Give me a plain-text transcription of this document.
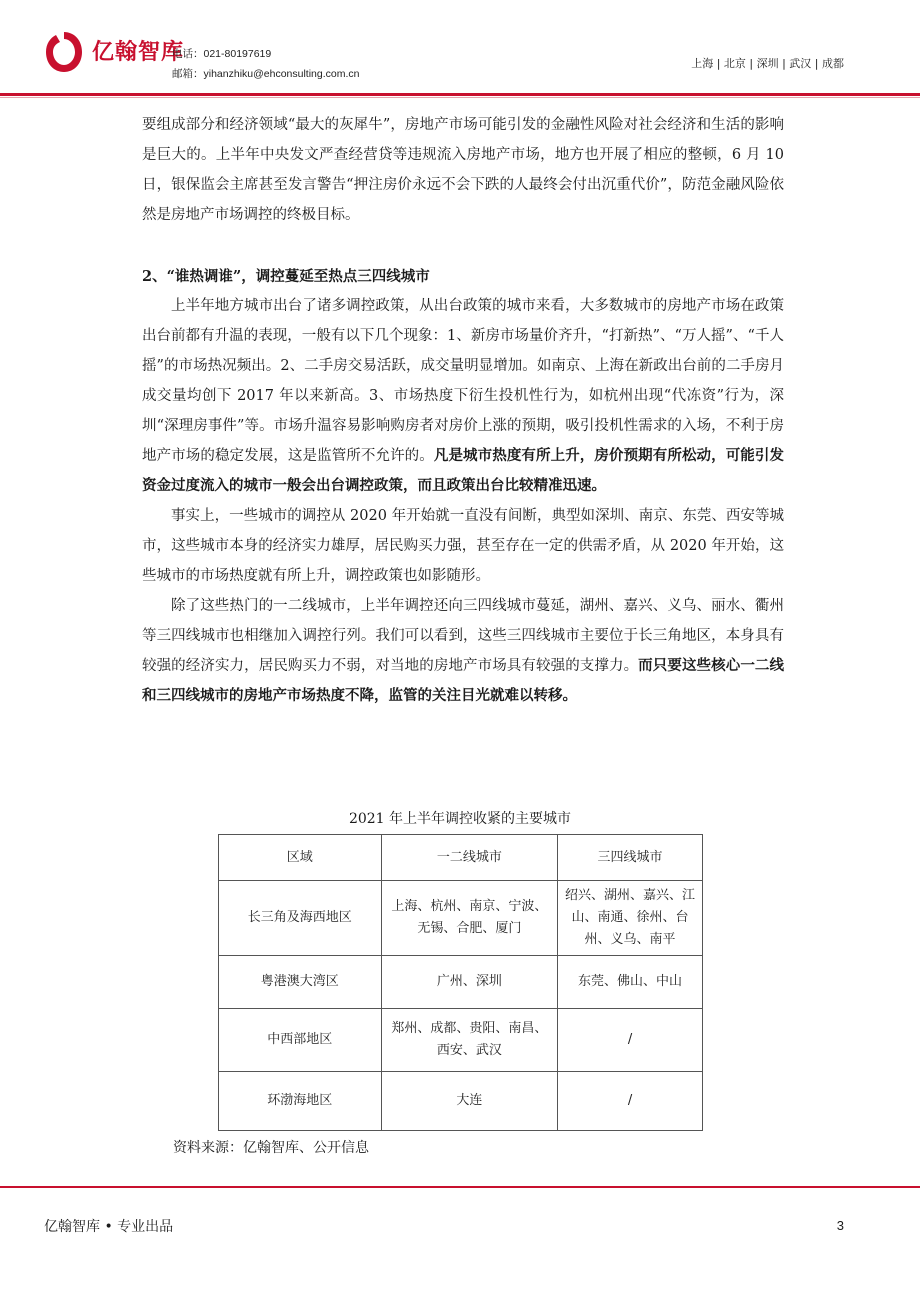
亿翰智库
电话：021-80197619
邮箱：yihanzhiku@ehconsulting.com.cn
上海 | 北京 | 深圳 | 武汉 | 成都

要组成部分和经济领域“最大的灰犀牛”，房地产市场可能引发的金融性风险对社会经济和生活的影响是巨大的。上半年中央发文严查经营贷等违规流入房地产市场，地方也开展了相应的整顿，6 月 10 日，银保监会主席甚至发言警告“押注房价永远不会下跌的人最终会付出沉重代价”，防范金融风险依然是房地产市场调控的终极目标。

2、“谁热调谁”，调控蔓延至热点三四线城市

上半年地方城市出台了诸多调控政策，从出台政策的城市来看，大多数城市的房地产市场在政策出台前都有升温的表现，一般有以下几个现象：1、新房市场量价齐升，“打新热”、“万人摇”、“千人摇”的市场热况频出。2、二手房交易活跃，成交量明显增加。如南京、上海在新政出台前的二手房月成交量均创下 2017 年以来新高。3、市场热度下衍生投机性行为，如杭州出现“代冻资”行为，深圳“深理房事件”等。市场升温容易影响购房者对房价上涨的预期，吸引投机性需求的入场，不利于房地产市场的稳定发展，这是监管所不允许的。凡是城市热度有所上升，房价预期有所松动，可能引发资金过度流入的城市一般会出台调控政策，而且政策出台比较精准迅速。

事实上，一些城市的调控从 2020 年开始就一直没有间断，典型如深圳、南京、东莞、西安等城市，这些城市本身的经济实力雄厚，居民购买力强，甚至存在一定的供需矛盾，从 2020 年开始，这些城市的市场热度就有所上升，调控政策也如影随形。

除了这些热门的一二线城市，上半年调控还向三四线城市蔓延，湖州、嘉兴、义乌、丽水、衢州等三四线城市也相继加入调控行列。我们可以看到，这些三四线城市主要位于长三角地区，本身具有较强的经济实力，居民购买力不弱，对当地的房地产市场具有较强的支撑力。而只要这些核心一二线和三四线城市的房地产市场热度不降，监管的关注目光就难以转移。

2021 年上半年调控收紧的主要城市
区域	一二线城市	三四线城市
长三角及海西地区	上海、杭州、南京、宁波、无锡、合肥、厦门	绍兴、湖州、嘉兴、江山、南通、徐州、台州、义乌、南平
粤港澳大湾区	广州、深圳	东莞、佛山、中山
中西部地区	郑州、成都、贵阳、南昌、西安、武汉	/
环渤海地区	大连	/
资料来源：亿翰智库、公开信息
亿翰智库 • 专业出品	3
